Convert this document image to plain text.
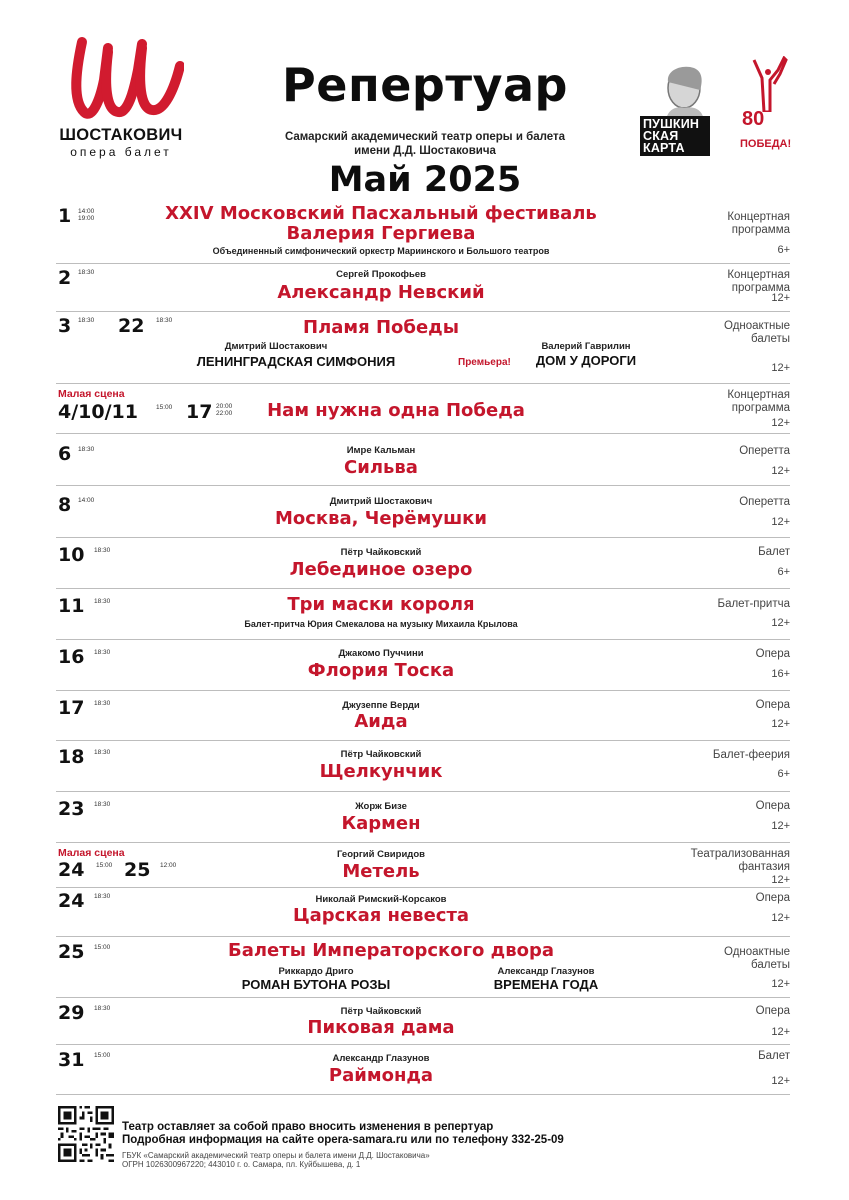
ШОСТАКОВИЧ
опера балет
Репертуар
Самарский академический театр оперы и балета
имени Д.Д. Шостаковича
Май 2025
ПУШКИН
СКАЯ
КАРТА
80
ПОБЕДА!
1 14:00
19:00	XXIV Московский Пасхальный фестиваль
Валерия Гергиева
Объединенный симфонический оркестр Мариинского и Большого театров
Концертная программа
6+
2 18:30	Сергей Прокофьев
Александр Невский
Концертная программа
12+
3 18:30 22 18:30	Пламя Победы
Дмитрий Шостакович
ЛЕНИНГРАДСКАЯ СИМФОНИЯ	Премьера!
Валерий Гаврилин
ДОМ У ДОРОГИ
Одноактные балеты
12+
Малая сцена
4/10/11	15:00 17 20:00
22:00	Нам нужна одна Победа
Концертная программа
12+
6 18:30	Имре Кальман
Сильва
Оперетта
12+
8 14:00	Дмитрий Шостакович
Москва, Черёмушки
Оперетта
12+
10 18:30	Пётр Чайковский
Лебединое озеро
Балет
6+
11 18:30	Три маски короля
Балет-притча Юрия Смекалова на музыку Михаила Крылова
Балет-притча
12+
16 18:30	Джакомо Пуччини
Флория Тоска
Опера
16+
17 18:30	Джузеппе Верди
Аида
Опера
12+
18 18:30	Пётр Чайковский
Щелкунчик
Балет-феерия
6+
23 18:30	Жорж Бизе
Кармен
Опера
12+
Малая сцена
24 15:00 25 12:00
Георгий Свиридов
Метель
Театрализованная фантазия
12+
24 18:30	Николай Римский-Корсаков
Царская невеста
Опера
12+
25 15:00	Балеты Императорского двора
Риккардо Дриго
РОМАН БУТОНА РОЗЫ
Александр Глазунов
ВРЕМЕНА ГОДА
Одноактные балеты
12+
29 18:30	Пётр Чайковский
Пиковая дама
Опера
12+
31 15:00	Александр Глазунов
Раймонда
Балет
12+
Театр оставляет за собой право вносить изменения в репертуар
Подробная информация на сайте opera-samara.ru или по телефону 332-25-09
ГБУК «Самарский академический театр оперы и балета имени Д.Д. Шостаковича»
ОГРН 1026300967220; 443010 г. о. Самара, пл. Куйбышева, д. 1
